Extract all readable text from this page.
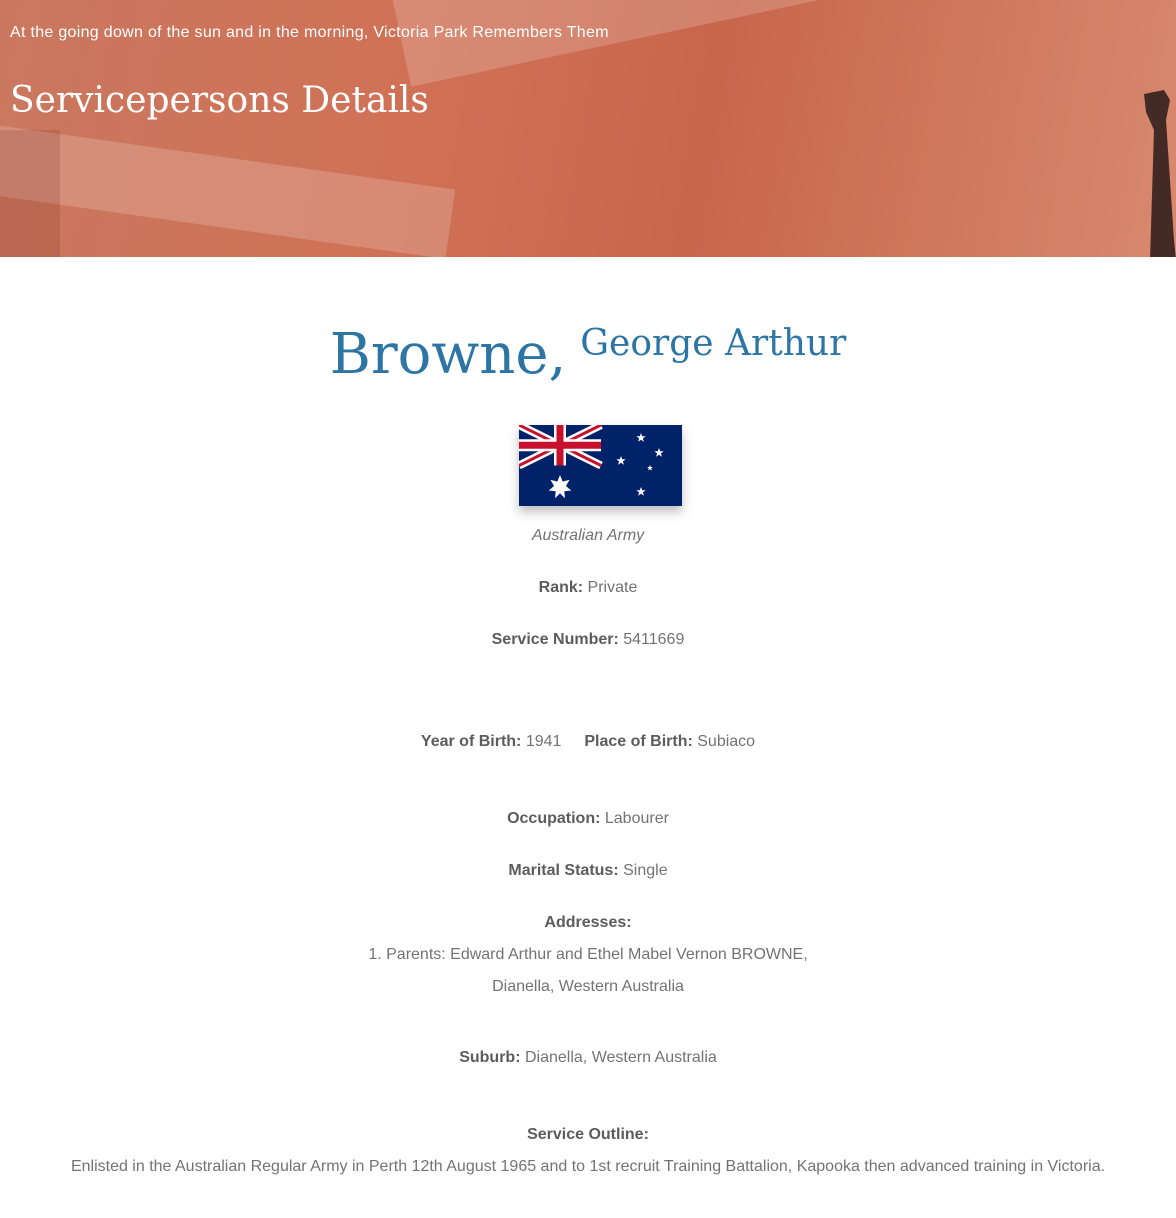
At the going down of the sun and in the morning, Victoria Park Remembers Them
Servicepersons Details
Browne, George Arthur
Australian Army
Rank: Private
Service Number: 5411669
Year of Birth: 1941 Place of Birth: Subiaco
Occupation: Labourer
Marital Status: Single
Addresses:
1. Parents: Edward Arthur and Ethel Mabel Vernon BROWNE,
Dianella, Western Australia
Suburb: Dianella, Western Australia
Service Outline:
Enlisted in the Australian Regular Army in Perth 12th August 1965 and to 1st recruit Training Battalion, Kapooka then advanced training in Victoria.
